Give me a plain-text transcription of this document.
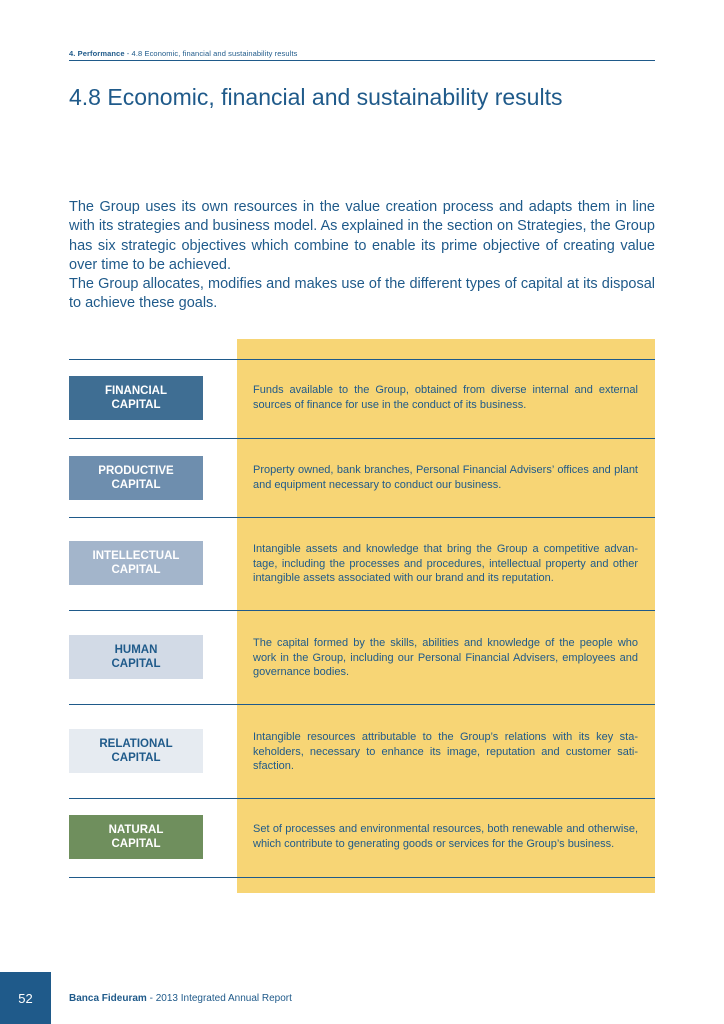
4. Performance - 4.8 Economic, financial and sustainability results
4.8 Economic, financial and sustainability results

The Group uses its own resources in the value creation process and adapts them in line with its strategies and business model. As explained in the section on Strategies, the Group has six strategic objectives which combine to enable its prime objective of creating value over time to be achieved.

The Group allocates, modifies and makes use of the different types of capital at its disposal to achieve these goals.

FINANCIAL
CAPITAL
Funds available to the Group, obtained from diverse internal and external sources of finance for use in the conduct of its business.
PRODUCTIVE
CAPITAL
Property owned, bank branches, Personal Financial Advisers’ offices and plant and equipment necessary to conduct our business.
INTELLECTUAL
CAPITAL
Intangible assets and knowledge that bring the Group a competitive advan-tage, including the processes and procedures, intellectual property and other intangible assets associated with our brand and its reputation.
HUMAN
CAPITAL
The capital formed by the skills, abilities and knowledge of the people who work in the Group, including our Personal Financial Advisers, employees and governance bodies.
RELATIONAL
CAPITAL
Intangible resources attributable to the Group’s relations with its key sta-keholders, necessary to enhance its image, reputation and customer sati-sfaction.
NATURAL
CAPITAL
Set of processes and environmental resources, both renewable and otherwise, which contribute to generating goods or services for the Group’s business.
52	Banca Fideuram - 2013 Integrated Annual Report
